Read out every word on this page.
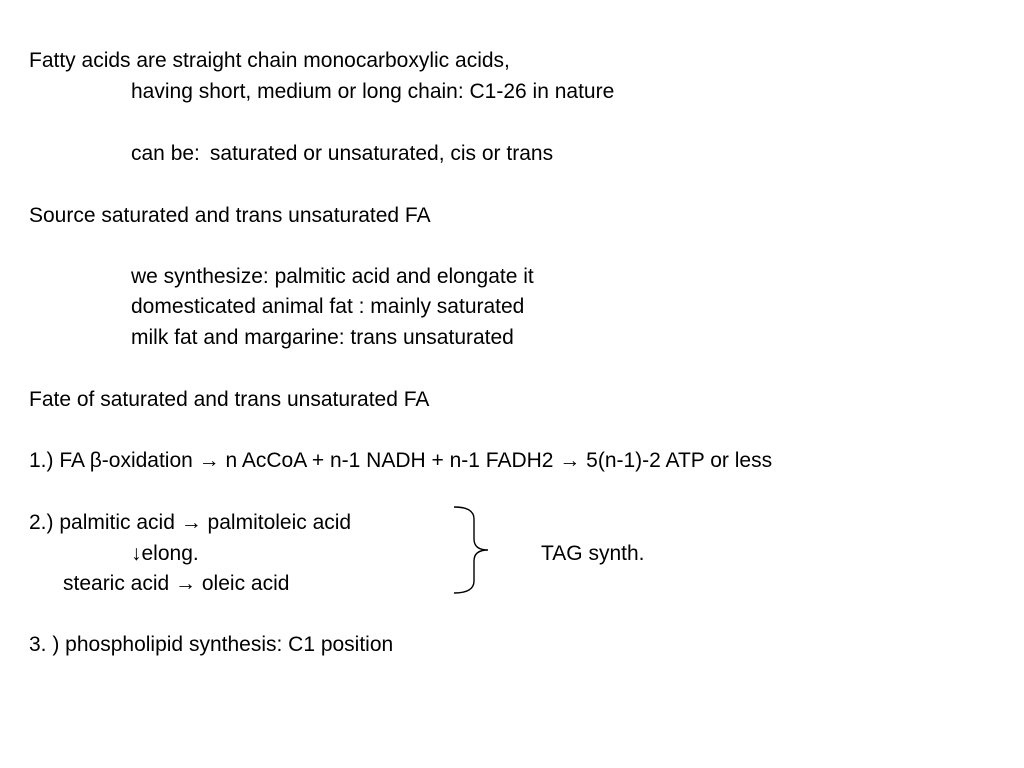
Fatty acids are straight chain monocarboxylic acids,
having short, medium or long chain: C1-26 in nature
can be: saturated or unsaturated, cis or trans
Source saturated and trans unsaturated FA
we synthesize: palmitic acid and elongate it
domesticated animal fat : mainly saturated
milk fat and margarine: trans unsaturated
Fate of saturated and trans unsaturated FA
1.) FA β-oxidation → n AcCoA + n-1 NADH + n-1 FADH2 → 5(n-1)-2 ATP or less
2.) palmitic acid → palmitoleic acid
↓elong.
stearic acid → oleic acid
TAG synth.
3. ) phospholipid synthesis: C1 position
